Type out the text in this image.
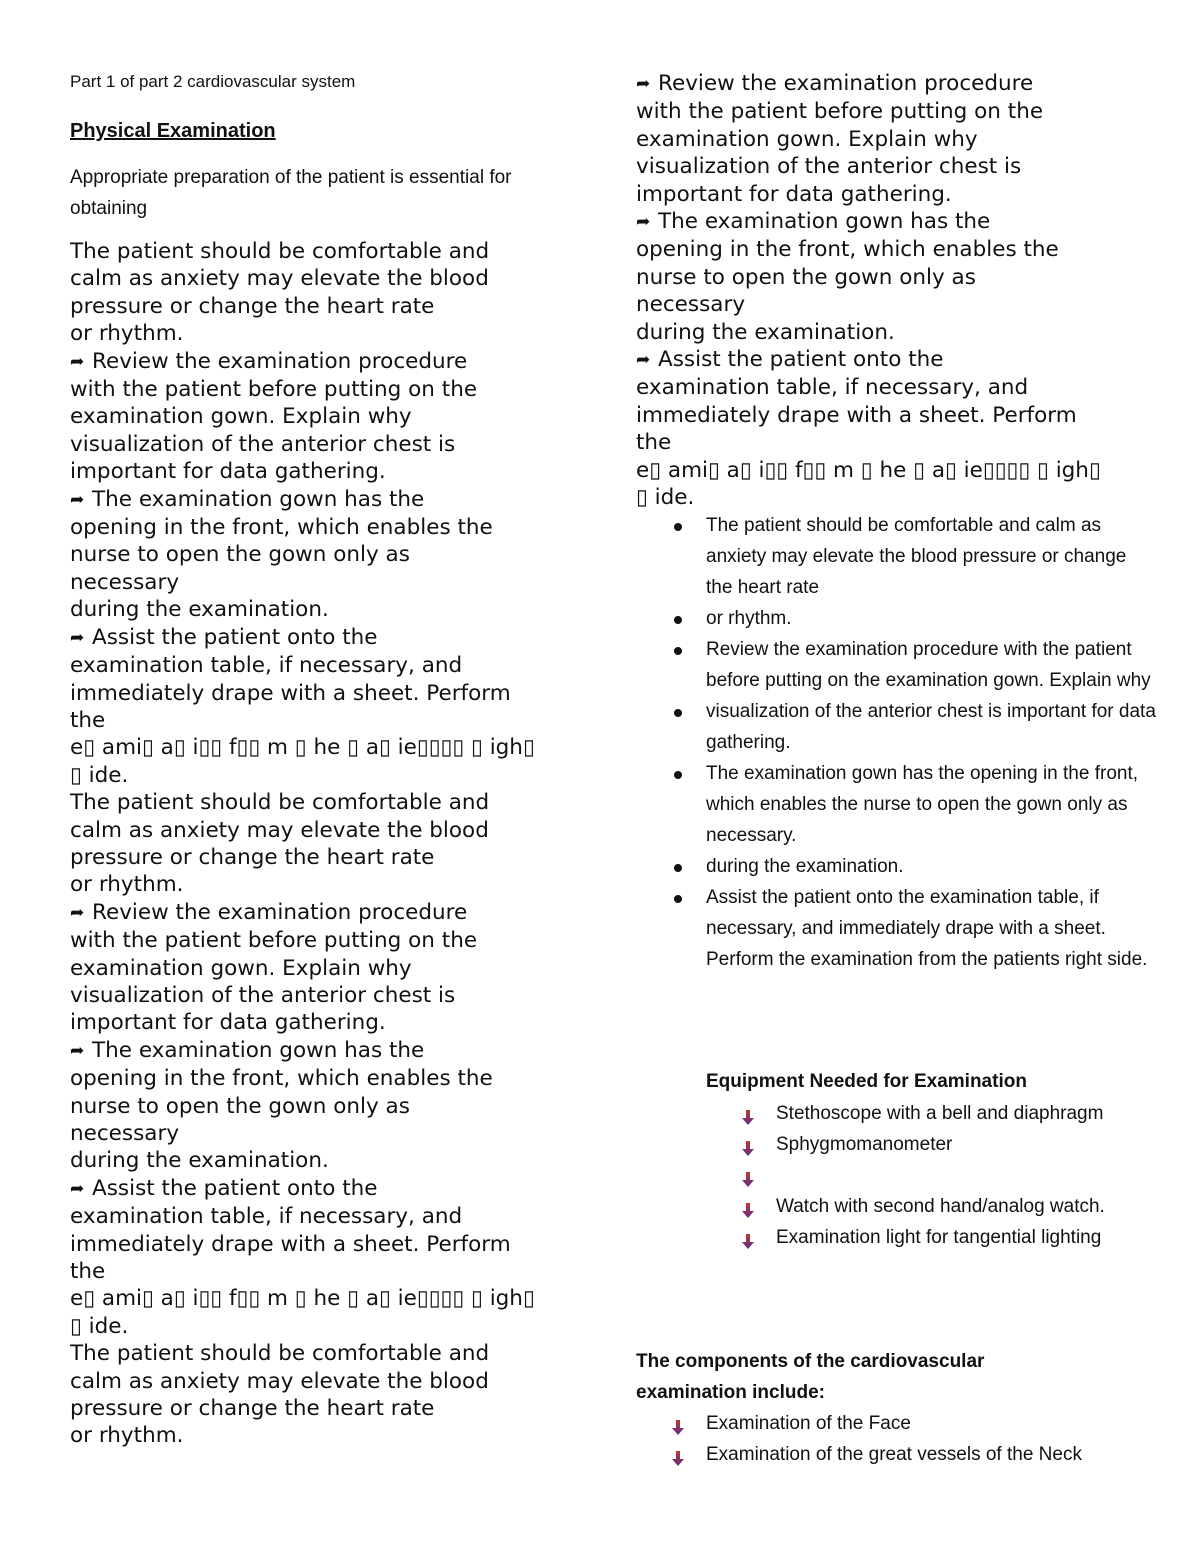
Part 1 of part 2 cardiovascular system

Physical Examination

Appropriate preparation of the patient is essential for obtaining

The patient should be comfortable and
calm as anxiety may elevate the blood
pressure or change the heart rate
or rhythm.
➦ Review the examination procedure
with the patient before putting on the
examination gown. Explain why
visualization of the anterior chest is
important for data gathering.
➦ The examination gown has the
opening in the front, which enables the
nurse to open the gown only as
necessary
during the examination.
➦ Assist the patient onto the
examination table, if necessary, and
immediately drape with a sheet. Perform
the
e▯ ami▯ a▯ i▯▯ f▯▯ m ▯ he ▯ a▯ ie▯▯▯▯ ▯ igh▯
▯ ide.
The patient should be comfortable and
calm as anxiety may elevate the blood
pressure or change the heart rate
or rhythm.
➦ Review the examination procedure
with the patient before putting on the
examination gown. Explain why
visualization of the anterior chest is
important for data gathering.
➦ The examination gown has the
opening in the front, which enables the
nurse to open the gown only as
necessary
during the examination.
➦ Assist the patient onto the
examination table, if necessary, and
immediately drape with a sheet. Perform
the
e▯ ami▯ a▯ i▯▯ f▯▯ m ▯ he ▯ a▯ ie▯▯▯▯ ▯ igh▯
▯ ide.
The patient should be comfortable and
calm as anxiety may elevate the blood
pressure or change the heart rate
or rhythm.
➦ Review the examination procedure
with the patient before putting on the
examination gown. Explain why
visualization of the anterior chest is
important for data gathering.
➦ The examination gown has the
opening in the front, which enables the
nurse to open the gown only as
necessary
during the examination.
➦ Assist the patient onto the
examination table, if necessary, and
immediately drape with a sheet. Perform
the
e▯ ami▯ a▯ i▯▯ f▯▯ m ▯ he ▯ a▯ ie▯▯▯▯ ▯ igh▯
▯ ide.
The patient should be comfortable and calm as anxiety may elevate the blood pressure or change the heart rate
or rhythm.
Review the examination procedure with the patient before putting on the examination gown. Explain why
visualization of the anterior chest is important for data gathering.
The examination gown has the opening in the front, which enables the nurse to open the gown only as necessary.
during the examination.
Assist the patient onto the examination table, if necessary, and immediately drape with a sheet. Perform the examination from the patients right side.

Equipment Needed for Examination

Stethoscope with a bell and diaphragm
Sphygmomanometer
Watch with second hand/analog watch.
Examination light for tangential lighting

The components of the cardiovascular examination include:

Examination of the Face
Examination of the great vessels of the Neck
